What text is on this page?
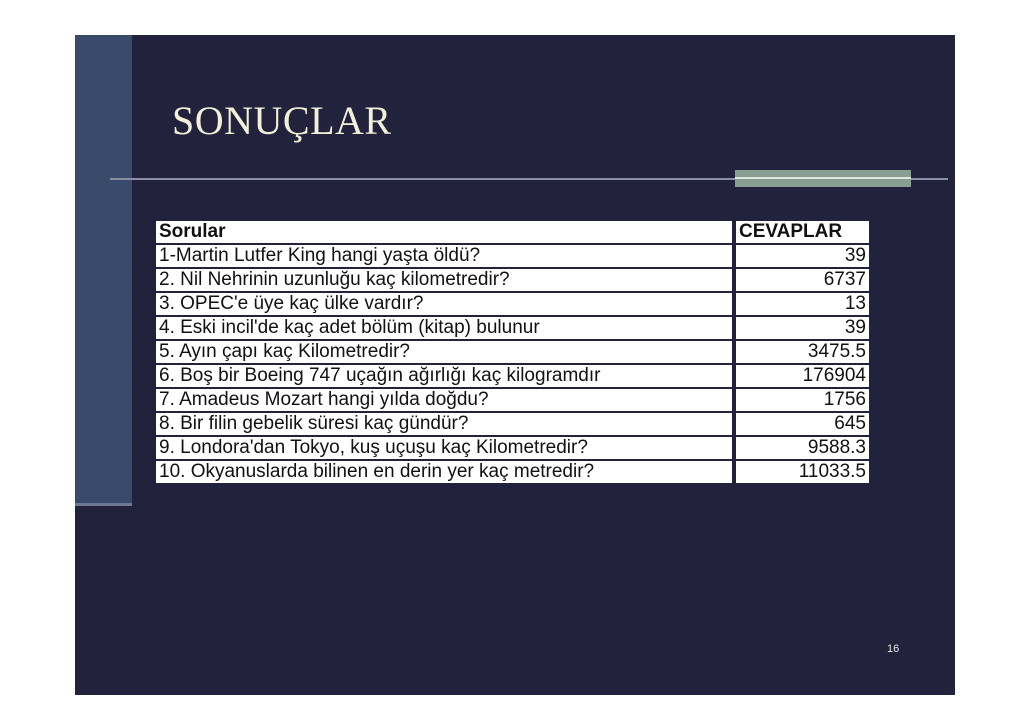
SONUÇLAR
Sorular	CEVAPLAR
1-Martin Lutfer King hangi yaşta öldü?	39
2. Nil Nehrinin uzunluğu kaç kilometredir?	6737
3. OPEC'e üye kaç ülke vardır?	13
4. Eski incil'de kaç adet bölüm (kitap) bulunur	39
5. Ayın çapı kaç Kilometredir?	3475.5
6. Boş bir Boeing 747 uçağın ağırlığı kaç kilogramdır	176904
7. Amadeus Mozart hangi yılda doğdu?	1756
8. Bir filin gebelik süresi kaç gündür?	645
9. Londora'dan Tokyo, kuş uçuşu kaç Kilometredir?	9588.3
10. Okyanuslarda bilinen en derin yer kaç metredir?	11033.5
16
